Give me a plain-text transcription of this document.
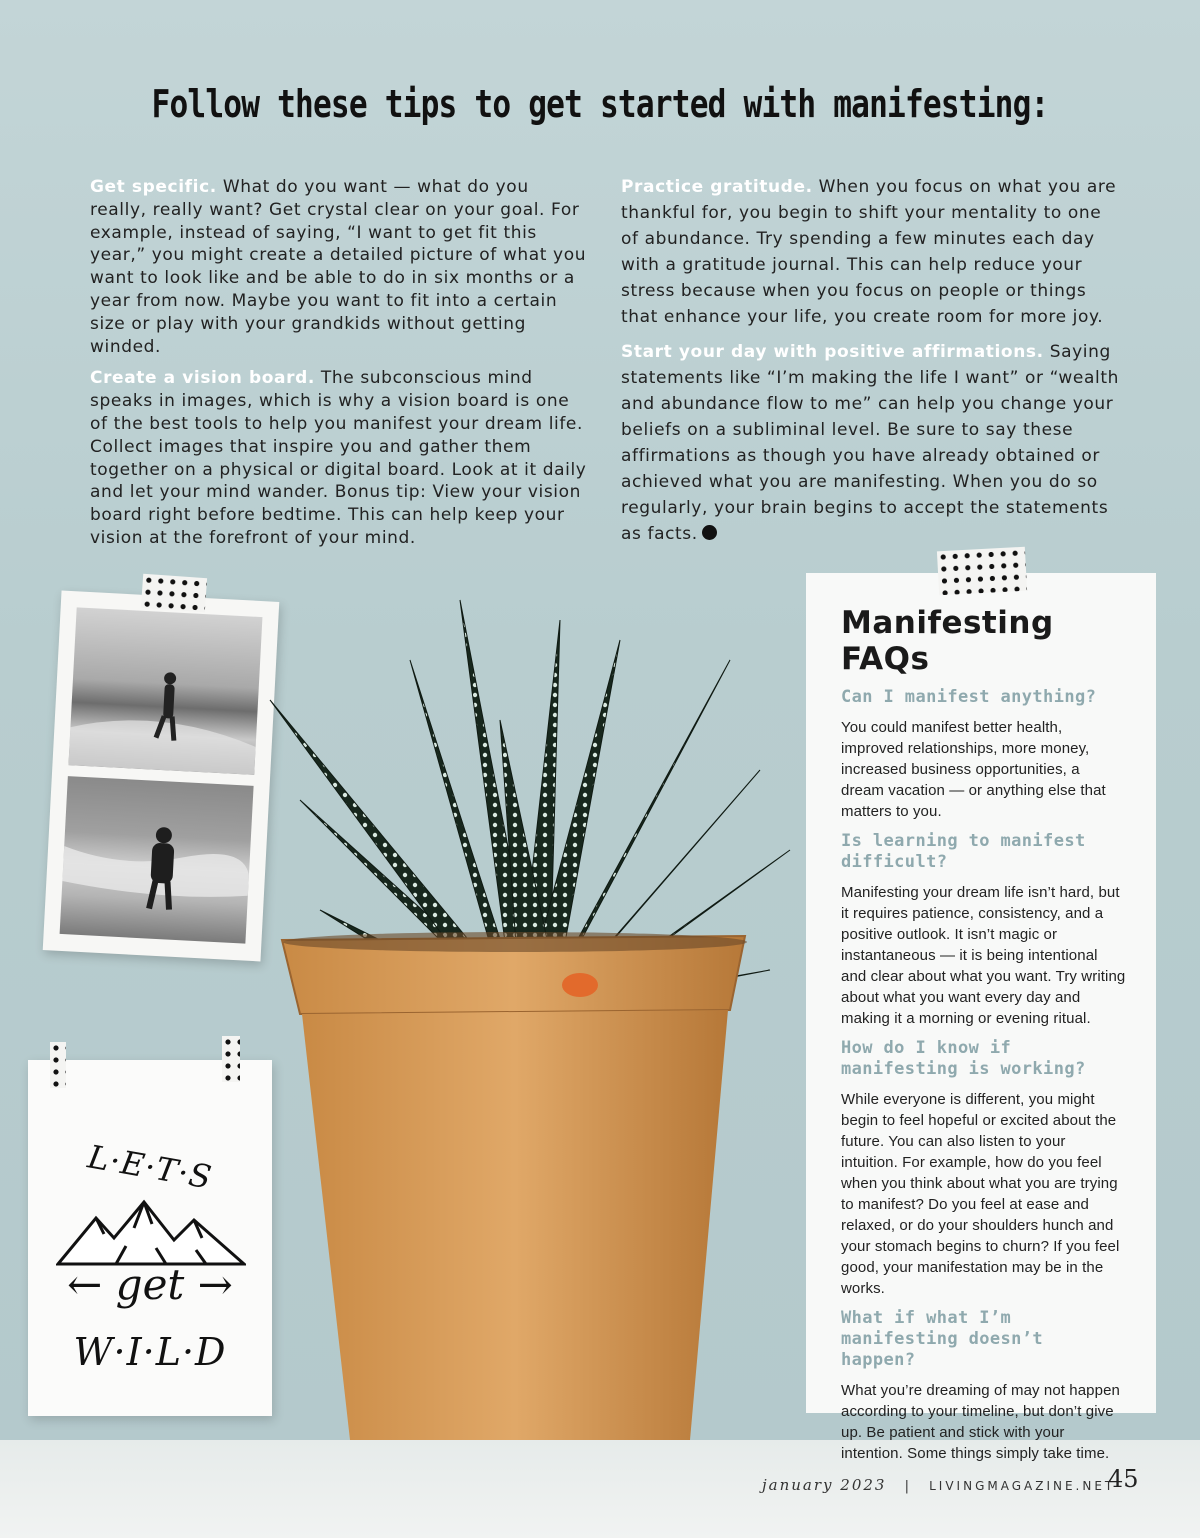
Follow these tips to get started with manifesting:

Get specific. What do you want — what do you really, really want? Get crystal clear on your goal. For example, instead of saying, “I want to get fit this year,” you might create a detailed picture of what you want to look like and be able to do in six months or a year from now. Maybe you want to fit into a certain size or play with your grandkids without getting winded.

Create a vision board. The subconscious mind speaks in images, which is why a vision board is one of the best tools to help you manifest your dream life. Collect images that inspire you and gather them together on a physical or digital board. Look at it daily and let your mind wander. Bonus tip: View your vision board right before bedtime. This can help keep your vision at the forefront of your mind.

Practice gratitude. When you focus on what you are thankful for, you begin to shift your mentality to one of abundance. Try spending a few minutes each day with a gratitude journal. This can help reduce your stress because when you focus on people or things that enhance your life, you create room for more joy.

Start your day with positive affirmations. Saying statements like “I’m making the life I want” or “wealth and abundance flow to me” can help you change your beliefs on a subliminal level. Be sure to say these affirmations as though you have already obtained or achieved what you are manifesting. When you do so regularly, your brain begins to accept the statements as facts.

L·E·T·S
← get →
W·I·L·D
Manifesting FAQs
Can I manifest anything?
You could manifest better health, improved relationships, more money, increased business opportunities, a dream vacation — or anything else that matters to you.
Is learning to manifest difficult?
Manifesting your dream life isn’t hard, but it requires patience, consistency, and a positive outlook. It isn’t magic or instantaneous — it is being intentional and clear about what you want. Try writing about what you want every day and making it a morning or evening ritual.
How do I know if manifesting is working?
While everyone is different, you might begin to feel hopeful or excited about the future. You can also listen to your intuition. For example, how do you feel when you think about what you are trying to manifest? Do you feel at ease and relaxed, or do your shoulders hunch and your stomach begins to churn? If you feel good, your manifestation may be in the works.
What if what I’m manifesting doesn’t happen?
What you’re dreaming of may not happen according to your timeline, but don’t give up. Be patient and stick with your intention. Some things simply take time.
january 2023 | LIVINGMAGAZINE.NET
45
